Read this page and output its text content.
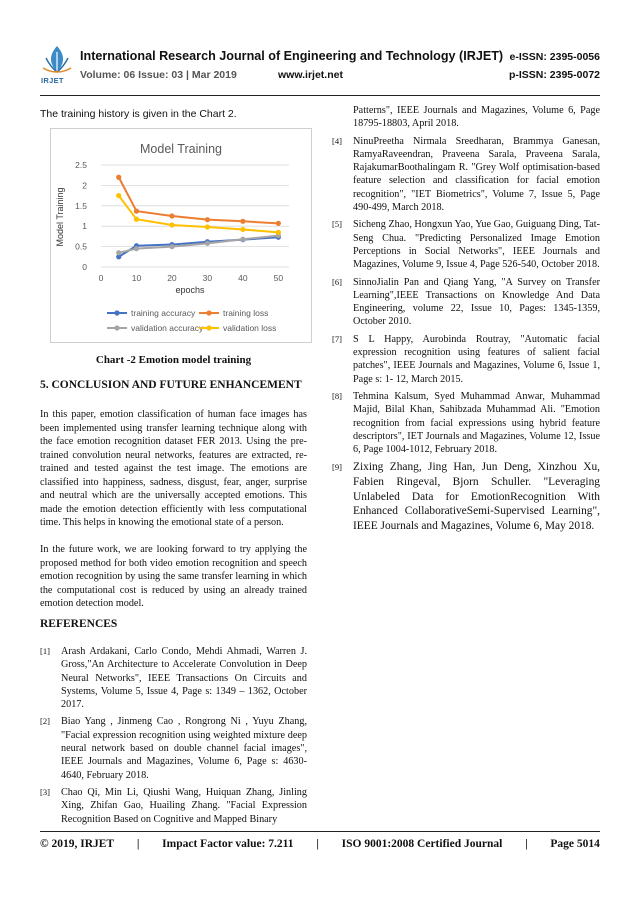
IRJET
International Research Journal of Engineering and Technology (IRJET) e-ISSN: 2395-0056
Volume: 06 Issue: 03 | Mar 2019	www.irjet.net	p-ISSN: 2395-0072

The training history is given in the Chart 2.

Model Training
Model Training
epochs
0
0.5
1
1.5
2
2.5
0	10	20	30	40	50
training accuracy	training loss
validation accuracy validation loss
Chart -2 Emotion model training
5. CONCLUSION AND FUTURE ENHANCEMENT

In this paper, emotion classification of human face images has been implemented using transfer learning technique along with the face emotion recognition dataset FER 2013. Using the pre-trained convolution neural networks, features are extracted, re-trained and tested against the test image. The emotions are classified into happiness, sadness, disgust, fear, anger, surprise and neutral which are the universally accepted emotions. This made the emotion detection efficiently with less computational time. This helps in knowing the emotional state of a person.

In the future work, we are looking forward to try applying the proposed method for both video emotion recognition and speech emotion recognition by using the same transfer learning in which the computational cost is reduced by using an already trained emotion detection model.

REFERENCES
[1] Arash Ardakani, Carlo Condo, Mehdi Ahmadi, Warren J. Gross,"An Architecture to Accelerate Convolution in Deep Neural Networks", IEEE Transactions On Circuits and Systems, Volume 5, Issue 4, Page s: 1349 – 1362, October 2017.
[2] Biao Yang , Jinmeng Cao , Rongrong Ni , Yuyu Zhang, "Facial expression recognition using weighted mixture deep neural network based on double channel facial images", IEEE Journals and Magazines, Volume 6, Page s: 4630-4640, February 2018.
[3] Chao Qi, Min Li, Qiushi Wang, Huiquan Zhang, Jinling Xing, Zhifan Gao, Huailing Zhang. "Facial Expression Recognition Based on Cognitive and Mapped Binary
Patterns", IEEE Journals and Magazines, Volume 6, Page 18795-18803, April 2018.
[4] NinuPreetha Nirmala Sreedharan, Brammya Ganesan, RamyaRaveendran, Praveena Sarala, Praveena Sarala, RajakumarBoothalingam R. "Grey Wolf optimisation-based feature selection and classification for facial emotion recognition", "IET Biometrics", Volume 7, Issue 5, Page 490-499, March 2018.
[5] Sicheng Zhao, Hongxun Yao, Yue Gao, Guiguang Ding, Tat-Seng Chua. "Predicting Personalized Image Emotion Perceptions in Social Networks", IEEE Journals and Magazines, Volume 9, Issue 4, Page 526-540, October 2018.
[6] SinnoJialin Pan and Qiang Yang, "A Survey on Transfer Learning",IEEE Transactions on Knowledge And Data Engineering, volume 22, Issue 10, Pages: 1345-1359, October 2010.
[7] S L Happy, Aurobinda Routray, "Automatic facial expression recognition using features of salient facial patches", IEEE Journals and Magazines, Volume 6, Issue 1, Page s: 1- 12, March 2015.
[8] Tehmina Kalsum, Syed Muhammad Anwar, Muhammad Majid, Bilal Khan, Sahibzada Muhammad Ali. "Emotion recognition from facial expressions using hybrid feature descriptors", IET Journals and Magazines, Volume 12, Issue 6, Page 1004-1012, February 2018.
[9] Zixing Zhang, Jing Han, Jun Deng, Xinzhou Xu, Fabien Ringeval, Bjorn Schuller. "Leveraging Unlabeled Data for EmotionRecognition With Enhanced CollaborativeSemi-Supervised Learning", IEEE Journals and Magazines, Volume 6, May 2018.
© 2019, IRJET | Impact Factor value: 7.211 | ISO 9001:2008 Certified Journal | Page 5014
